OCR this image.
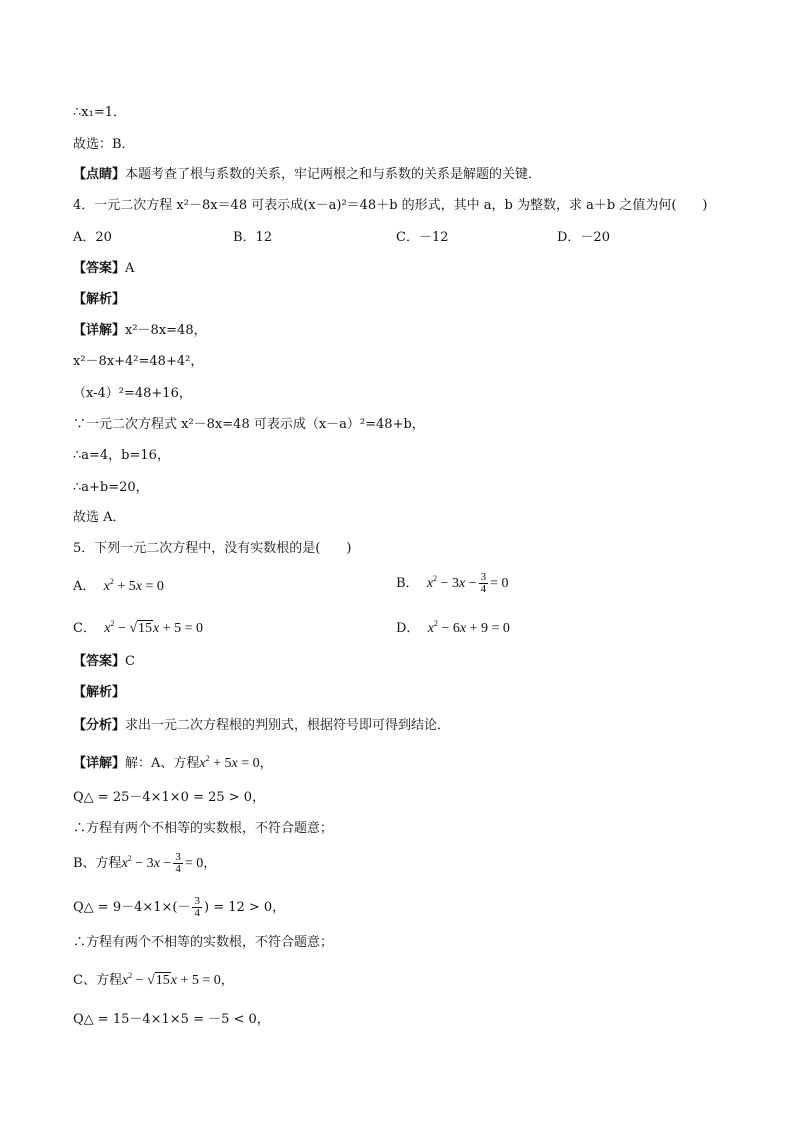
∴x₁=1．
故选：B．
【点睛】本题考查了根与系数的关系，牢记两根之和与系数的关系是解题的关键．
4．一元二次方程 x²－8x＝48 可表示成(x－a)²＝48＋b 的形式，其中 a，b 为整数，求 a＋b 之值为何(　　)
A．20	B．12	C．－12	D．－20
【答案】A
【解析】
【详解】x²－8x=48，
x²－8x+4²=48+4²，
（x-4）²=48+16，
∵一元二次方程式 x²－8x=48 可表示成（x－a）²=48+b，
∴a=4，b=16，
∴a+b=20，
故选 A．
5．下列一元二次方程中，没有实数根的是(　　)
A． $x^2 + 5x = 0$	B． $x^2 - 3x - \frac{3}{4} = 0$
C． $x^2 - √15x + 5 = 0$	D． $x^2 - 6x + 9 = 0$
【答案】C
【解析】
【分析】求出一元二次方程根的判别式，根据符号即可得到结论．
【详解】解：A、方程$x^2 + 5x = 0$，
Q△ = 25－4×1×0 = 25 > 0，
∴方程有两个不相等的实数根，不符合题意；
B、方程$x^2 - 3x - \frac{3}{4} = 0$，
Q△ = $9-4\times 1\times(- \frac{3}{4}$ ) = 12 > 0，
∴方程有两个不相等的实数根，不符合题意；
C、方程$x^2 - √15x + 5 = 0$，
Q△ = 15－4×1×5 = －5 < 0，
